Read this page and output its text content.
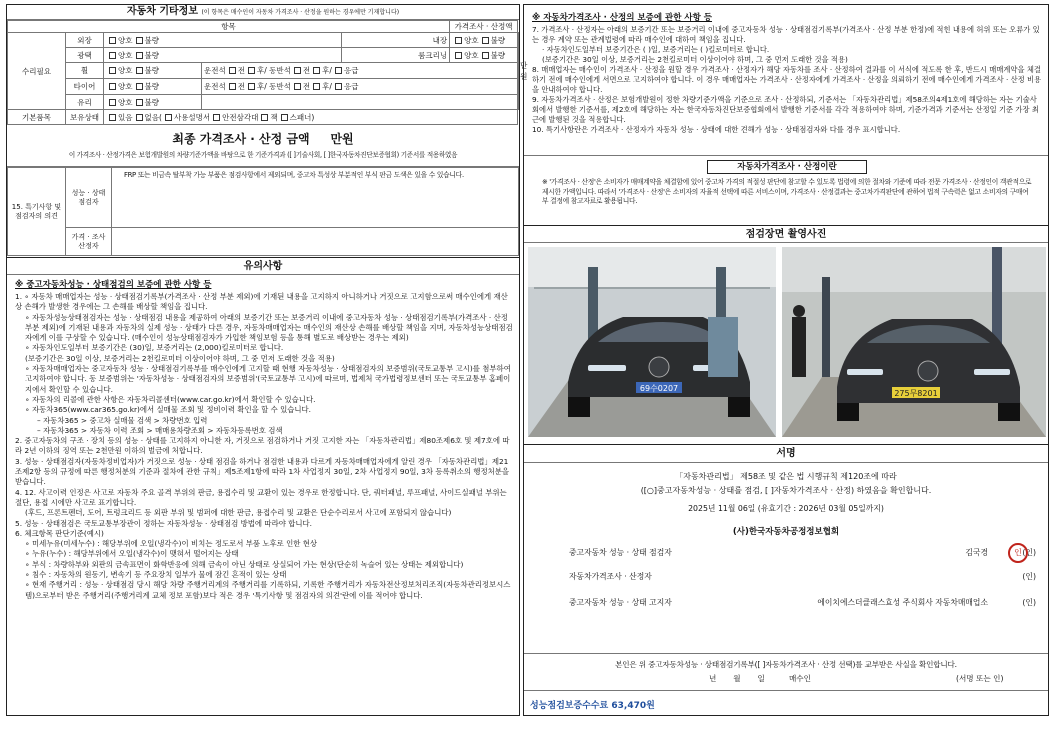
자동차 기타정보 (이 항목은 매수인이 자동차 가격조사 · 산정을 원하는 경우에만 기재합니다)
항목					가격조사 · 산정액	
수리필요	외장	양호 불량		내장	양호 불량	만원
	광택	양호 불량		룸크리닝	양호 불량	
	휠	양호 불량	운전석 전 후/ 동반석 전 후/ 응급			
	타이어	양호 불량	운전석 전 후/ 동반석 전 후/ 응급			
	유리	양호 불량				
기본품목	보유상태	있음 없음( 사용설명서 안전삼각대 잭 스패너)				
최종 가격조사 · 산정 금액 만원
이 가격조사 · 산정가격은 보험개발원의 차량기준가액을 바탕으로 한 기준가격과 ([ ]기술사회, [ ]한국자동차진단보증협회) 기준서를 적용하였음
15. 특기사항 및 점검자의 의견	성능 · 상태 점검자	FRP 또는 비금속 탈부착 가능 부품은 점검사항에서 제외되며, 중고차 특성상 부분적인 부식 판금 도색은 있을 수 있습니다.
	가격 · 조사 산정자	
유의사항
※ 중고자동차성능 · 상태점검의 보증에 관한 사항 등
1. ∘ 자동차 매매업자는 성능 · 상태점검기록부(가격조사 · 산정 부분 제외)에 기재된 내용을 고지하지 아니하거나 거짓으로 고지함으로써 매수인에게 재산상 손해가 발생한 경우에는 그 손해를 배상할 책임을 집니다.
∘ 자동차성능상태점검자는 성능 · 상태점검 내용을 제공하여 아래의 보증기간 또는 보증거리 이내에 중고자동차 성능 · 상태점검기록부(가격조사 · 산정 부분 제외)에 기재된 내용과 자동차의 실제 성능 · 상태가 다른 경우, 자동차매매업자는 매수인의 재산상 손해를 배상할 책임을 지며, 자동차성능상태점검자에게 이를 구상할 수 있습니다. (매수인이 성능상태점검자가 가입한 책임보험 등을 통해 별도로 배상받는 경우는 제외)
∘ 자동차인도일부터 보증기간은 (30)일, 보증거리는 (2,000)킬로미터로 합니다.
(보증기간은 30일 이상, 보증거리는 2천킬로미터 이상이어야 하며, 그 중 먼저 도래한 것을 적용)
∘ 자동차매매업자는 중고자동차 성능 · 상태점검기록부를 매수인에게 고지할 때 현행 자동차성능 · 상태점검자의 보증범위(국토교통부 고시)를 첨부하여 고지하여야 합니다. 동 보증범위는 '자동차성능 · 상태점검자의 보증범위'(국토교통부 고시)에 따르며, 법제처 국가법령정보센터 또는 국토교통부 홈페이지에서 확인할 수 있습니다.
∘ 자동차의 리콜에 관한 사항은 자동차리콜센터(www.car.go.kr)에서 확인할 수 있습니다.
∘ 자동차365(www.car365.go.kr)에서 실매물 조회 및 정비이력 확인을 할 수 있습니다.
– 자동차365 > 중고차 실매물 검색 > 차량번호 입력
– 자동차365 > 자동차 이력 조회 > 매매용차량조회 > 자동차등록번호 검색
2. 중고자동차의 구조 · 장치 등의 성능 · 상태를 고지하지 아니한 자, 거짓으로 점검하거나 거짓 고지한 자는 「자동차관리법」제80조제6호 및 제7호에 따라 2년 이하의 징역 또는 2천만원 이하의 벌금에 처합니다.
3. 성능 · 상태점검자(자동차정비업자)가 거짓으로 성능 · 상태 점검을 하거나 점검한 내용과 다르게 자동차매매업자에게 알린 경우 「자동차관리법」제21조제2항 등의 규정에 따른 행정처분의 기준과 절차에 관한 규칙」제5조제1항에 따라 1차 사업정지 30일, 2차 사업정지 90일, 3차 등록취소의 행정처분을 받습니다.
4. 12. 사고이력 인정은 사고로 자동차 주요 골격 부위의 판금, 용접수리 및 교환이 있는 경우로 한정합니다. 단, 쿼터패널, 루프패널, 사이드실패널 부위는 절단, 용접 시에만 사고로 표기합니다.
(후드, 프론트펜더, 도어, 트렁크리드 등 외판 부위 및 범퍼에 대한 판금, 용접수리 및 교환은 단순수리로서 사고에 포함되지 않습니다)
5. 성능 · 상태점검은 국토교통부장관이 정하는 자동차성능 · 상태점검 방법에 따라야 합니다.
6. 체크항목 판단기준(예시)
∘ 미세누유(미세누수) : 해당부위에 오일(냉각수)이 비치는 정도로서 부품 노후로 인한 현상
∘ 누유(누수) : 해당부위에서 오일(냉각수)이 맺혀서 떨어지는 상태
∘ 부식 : 차량하부와 외판의 금속표면이 화학반응에 의해 금속이 아닌 상태로 상실되어 가는 현상(단순히 녹슬어 있는 상태는 제외합니다)
∘ 침수 : 자동차의 원동기, 변속기 등 주요장치 일부가 물에 잠긴 흔적이 있는 상태
∘ 현재 주행거리 : 성능 · 상태점검 당시 해당 차량 주행거리계의 주행거리를 기록하되, 기록한 주행거리가 자동차전산정보처리조직(자동차관리정보시스템)으로부터 받은 주행거리(주행거리계 교체 정보 포함)보다 적은 경우 '특기사항 및 점검자의 의견'란에 이를 적어야 합니다.
※ 자동차가격조사 · 산정의 보증에 관한 사항 등
7. 가격조사 · 산정자는 아래의 보증기간 또는 보증거리 이내에 중고자동차 성능 · 상태점검기록부(가격조사 · 산정 부분 한정)에 적힌 내용에 허위 또는 오류가 있는 경우 계약 또는 관계법령에 따라 매수인에 대하여 책임을 집니다.
· 자동차인도일부터 보증기간은 ( )일, 보증거리는 ( )킬로미터로 합니다.
(보증기간은 30일 이상, 보증거리는 2천킬로미터 이상이어야 하며, 그 중 먼저 도래한 것을 적용)
8. 매매업자는 매수인이 가격조사 · 산정을 원할 경우 가격조사 · 산정자가 해당 자동차를 조사 · 산정하여 결과를 이 서식에 적도록 한 후, 반드시 매매계약을 체결하기 전에 매수인에게 서면으로 고지하여야 합니다. 이 경우 매매업자는 가격조사 · 산정자에게 가격조사 · 산정을 의뢰하기 전에 매수인에게 가격조사 · 산정 비용을 안내하여야 합니다.
9. 자동차가격조사 · 산정은 보험개발원이 정한 차량기준가액을 기준으로 조사 · 산정하되, 기준서는 「자동차관리법」제58조의4제1호에 해당하는 자는 기술사회에서 발행한 기준서를, 제2호에 해당하는 자는 한국자동차진단보증협회에서 발행한 기준서를 각각 적용하여야 하며, 기준가격과 기준서는 산정일 기준 가장 최근에 발행된 것을 적용합니다.
10. 특기사항란은 가격조사 · 산정자가 자동차 성능 · 상태에 대한 견해가 성능 · 상태점검자와 다를 경우 표시합니다.
자동차가격조사 · 산정이란
※ '가격조사 · 산정'은 소비자가 매매계약을 체결함에 있어 중고차 가격의 적절성 판단에 참고할 수 있도록 법령에 의한 절차와 기준에 따라 전문 가격조사 · 산정인이 객관적으로 제시한 가액입니다. 따라서 '가격조사 · 산정'은 소비자의 자율적 선택에 따른 서비스이며, 가격조사 · 산정결과는 중고차가격판단에 관하여 법적 구속력은 없고 소비자의 구매여부 결정에 참고자료로 활용됩니다.
점검장면 촬영사진
69수0207
275무8201
서명
「자동차관리법」 제58조 및 같은 법 시행규칙 제120조에 따라
([○]중고자동차성능 · 상태를 점검, [ ]자동차가격조사 · 산정) 하였음을 확인합니다.
2025년 11월 06일 (유효기간 : 2026년 03월 05일까지)
(사)한국자동차공정정보협회
중고자동차 성능 · 상태 점검자	김국경	(인)
자동차가격조사 · 산정자	(인)
중고자동차 성능 · 상태 고지자	에이치에스더클래스효성 주식회사 자동차매매업소	(인)
인
본인은 위 중고자동차성능 · 상태점검기록부([ ]자동차가격조사 · 산정 선택)를 교부받은 사실을 확인합니다.
년       월       일          매수인	(서명 또는 인)
성능점검보증수수료 63,470원
